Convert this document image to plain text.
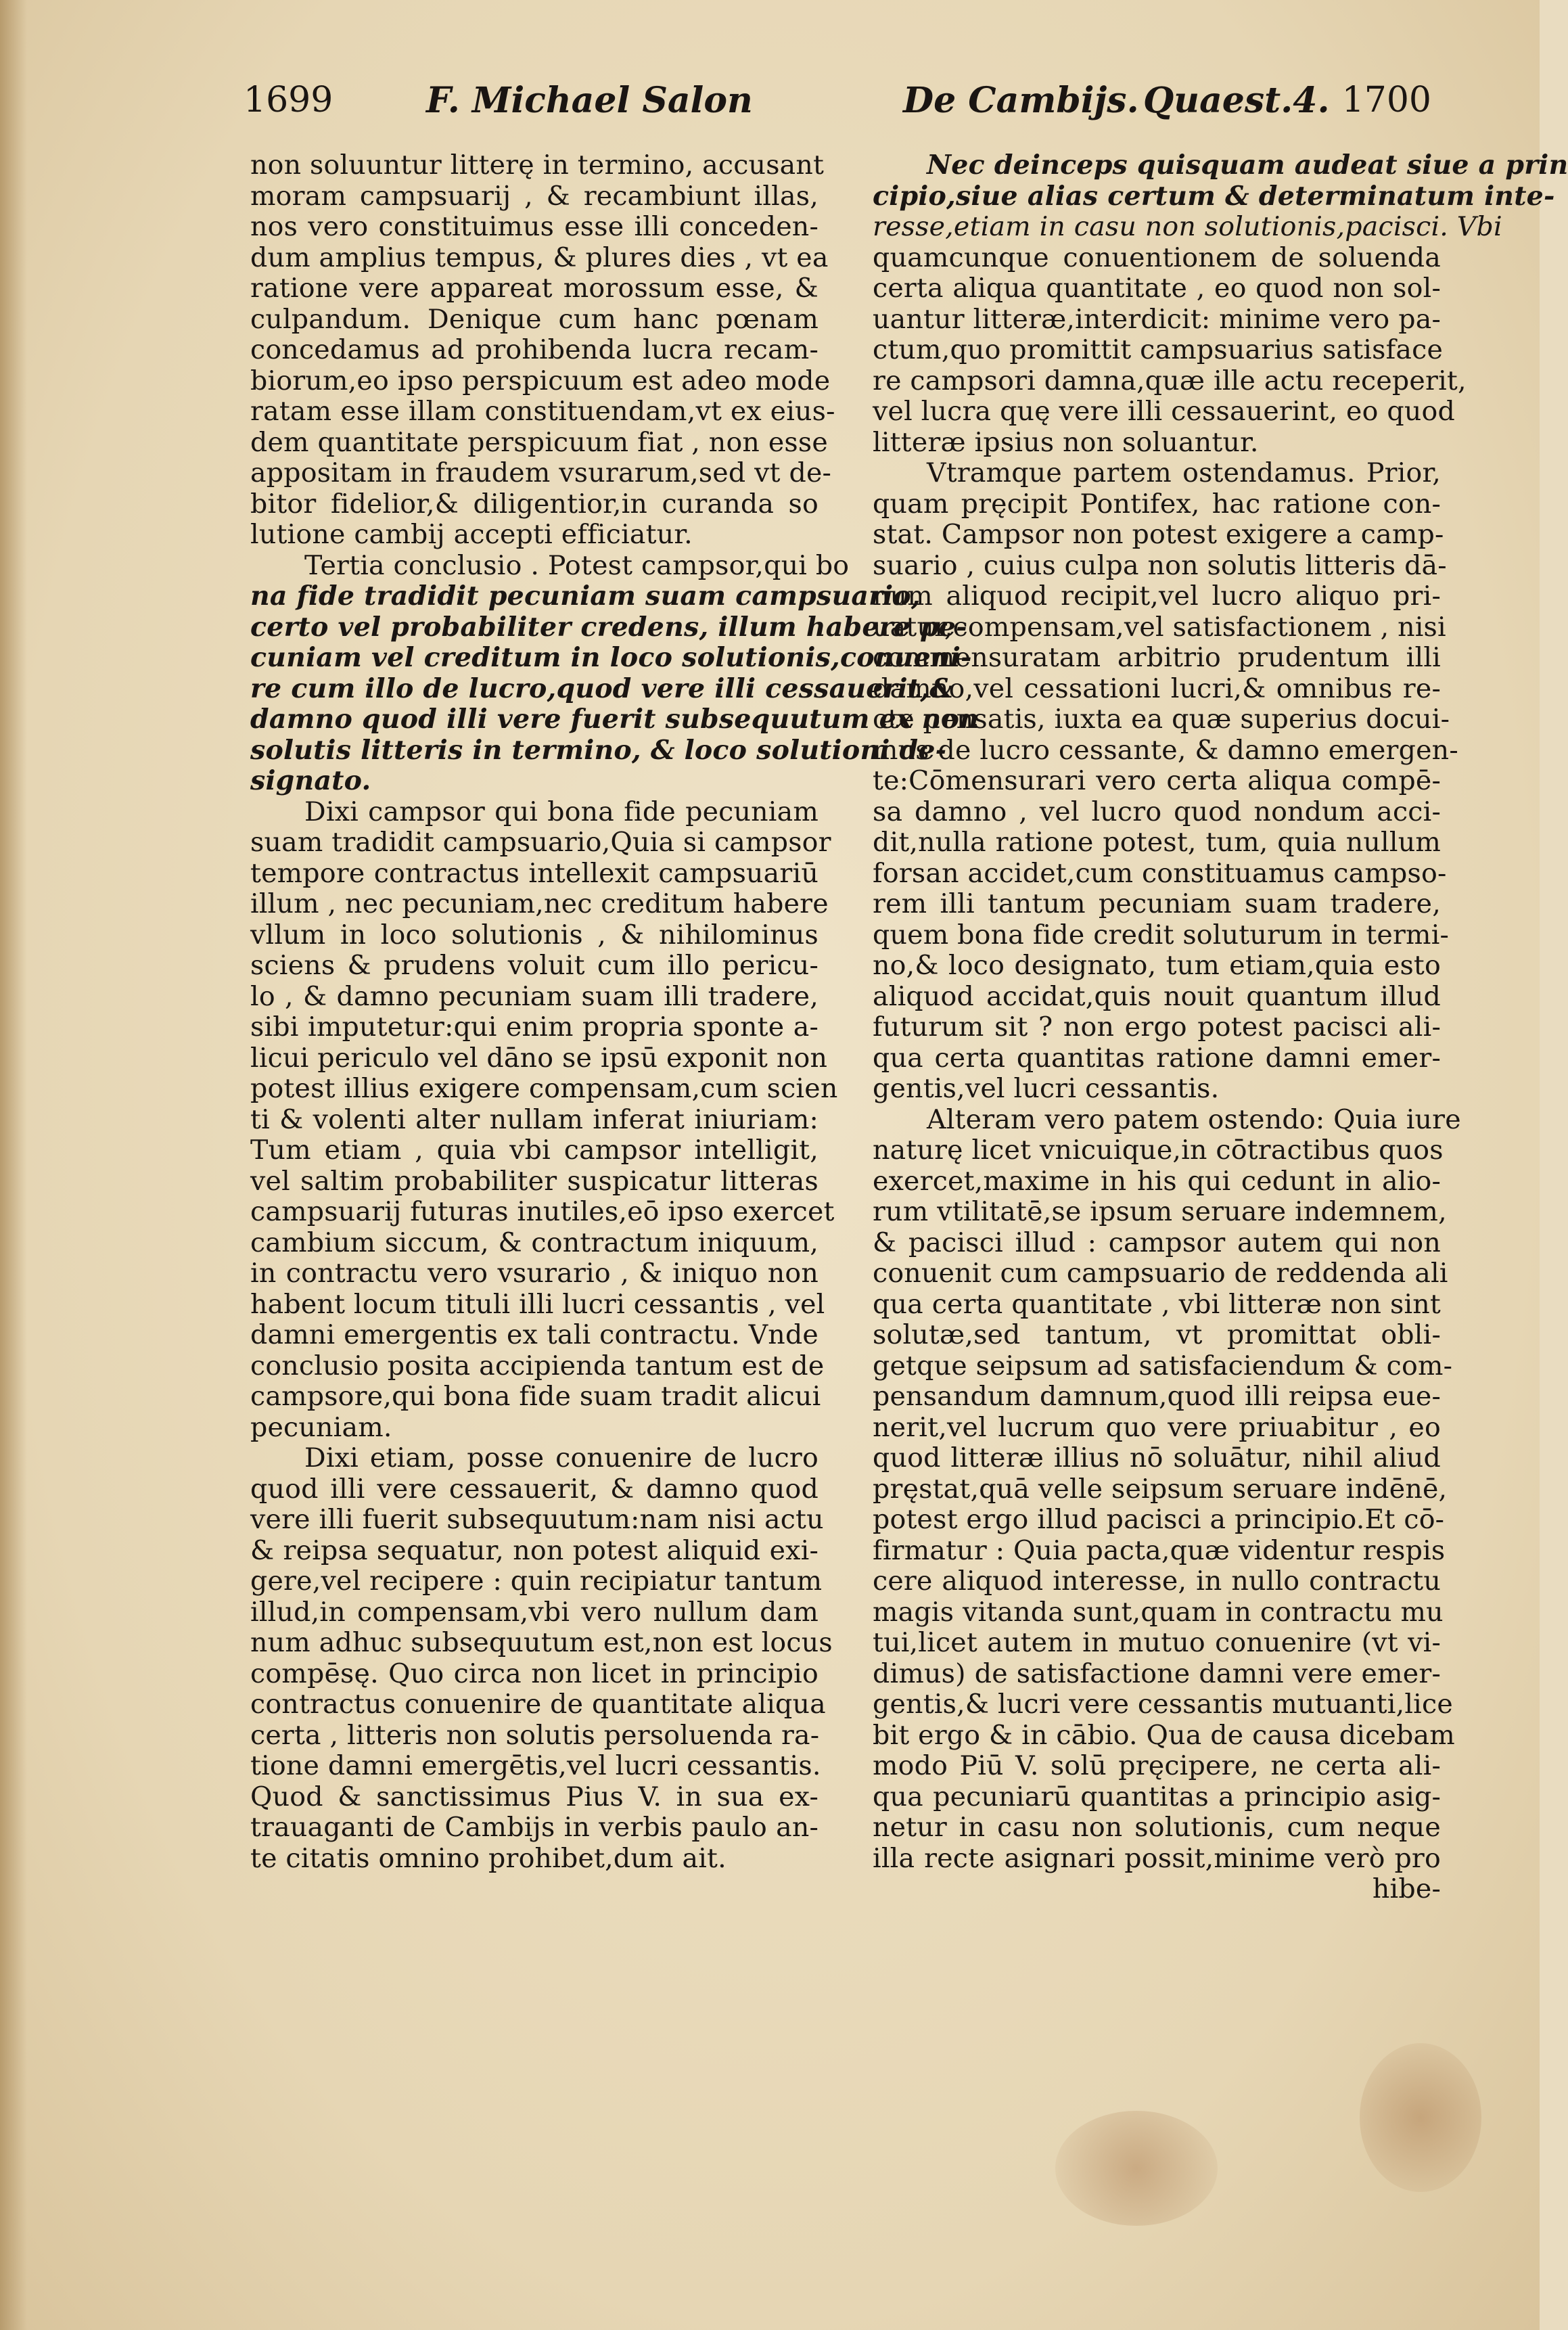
1699	F. Michael Salon	De Cambijs. Quaest.4. 1700
non soluuntur litterę in termino, accusant
moram campsuarij , & recambiunt illas,
nos vero constituimus esse illi conceden-
dum amplius tempus, & plures dies , vt ea
ratione vere appareat morossum esse, &
culpandum. Denique cum hanc pœnam
concedamus ad prohibenda lucra recam-
biorum,eo ipso perspicuum est adeo mode
ratam esse illam constituendam,vt ex eius-
dem quantitate perspicuum fiat , non esse
appositam in fraudem vsurarum,sed vt de-
bitor fidelior,& diligentior,in curanda so
lutione cambij accepti efficiatur.
Tertia conclusio . Potest campsor,qui bo
na fide tradidit pecuniam suam campsuario,
certo vel probabiliter credens, illum habere pe-
cuniam vel creditum in loco solutionis,conueni-
re cum illo de lucro,quod vere illi cessauerit,&
damno quod illi vere fuerit subsequutum ex non
solutis litteris in termino, & loco solutioni de-
signato.
Dixi campsor qui bona fide pecuniam
suam tradidit campsuario,Quia si campsor
tempore contractus intellexit campsuariū
illum , nec pecuniam,nec creditum habere
vllum in loco solutionis , & nihilominus
sciens & prudens voluit cum illo pericu-
lo , & damno pecuniam suam illi tradere,
sibi imputetur:qui enim propria sponte a-
licui periculo vel dāno se ipsū exponit non
potest illius exigere compensam,cum scien
ti & volenti alter nullam inferat iniuriam:
Tum etiam , quia vbi campsor intelligit,
vel saltim probabiliter suspicatur litteras
campsuarij futuras inutiles,eō ipso exercet
cambium siccum, & contractum iniquum,
in contractu vero vsurario , & iniquo non
habent locum tituli illi lucri cessantis , vel
damni emergentis ex tali contractu. Vnde
conclusio posita accipienda tantum est de
campsore,qui bona fide suam tradit alicui
pecuniam.
Dixi etiam, posse conuenire de lucro
quod illi vere cessauerit, & damno quod
vere illi fuerit subsequutum:nam nisi actu
& reipsa sequatur, non potest aliquid exi-
gere,vel recipere : quin recipiatur tantum
illud,in compensam,vbi vero nullum dam
num adhuc subsequutum est,non est locus
compēsę. Quo circa non licet in principio
contractus conuenire de quantitate aliqua
certa , litteris non solutis persoluenda ra-
tione damni emergētis,vel lucri cessantis.
Quod & sanctissimus Pius V. in sua ex-
trauaganti de Cambijs in verbis paulo an-
te citatis omnino prohibet,dum ait.
Nec deinceps quisquam audeat siue a prin
cipio,siue alias certum & determinatum inte-
resse,etiam in casu non solutionis,pacisci. Vbi
quamcunque conuentionem de soluenda
certa aliqua quantitate , eo quod non sol-
uantur litteræ,interdicit: minime vero pa-
ctum,quo promittit campsuarius satisface
re campsori damna,quæ ille actu receperit,
vel lucra quę vere illi cessauerint, eo quod
litteræ ipsius non soluantur.
Vtramque partem ostendamus. Prior,
quam pręcipit Pontifex, hac ratione con-
stat. Campsor non potest exigere a camp-
suario , cuius culpa non solutis litteris dā-
num aliquod recipit,vel lucro aliquo pri-
uatur,compensam,vel satisfactionem , nisi
commensuratam arbitrio prudentum illi
damno,vel cessationi lucri,& omnibus re-
cte pensatis, iuxta ea quæ superius docui-
mus de lucro cessante, & damno emergen-
te:Cōmensurari vero certa aliqua compē-
sa damno , vel lucro quod nondum acci-
dit,nulla ratione potest, tum, quia nullum
forsan accidet,cum constituamus campso-
rem illi tantum pecuniam suam tradere,
quem bona fide credit soluturum in termi-
no,& loco designato, tum etiam,quia esto
aliquod accidat,quis nouit quantum illud
futurum sit ? non ergo potest pacisci ali-
qua certa quantitas ratione damni emer-
gentis,vel lucri cessantis.
Alteram vero patem ostendo: Quia iure
naturę licet vnicuique,in cōtractibus quos
exercet,maxime in his qui cedunt in alio-
rum vtilitatē,se ipsum seruare indemnem,
& pacisci illud : campsor autem qui non
conuenit cum campsuario de reddenda ali
qua certa quantitate , vbi litteræ non sint
solutæ,sed tantum, vt promittat obli-
getque seipsum ad satisfaciendum & com-
pensandum damnum,quod illi reipsa eue-
nerit,vel lucrum quo vere priuabitur , eo
quod litteræ illius nō soluātur, nihil aliud
pręstat,quā velle seipsum seruare indēnē,
potest ergo illud pacisci a principio.Et cō-
firmatur : Quia pacta,quæ videntur respis
cere aliquod interesse, in nullo contractu
magis vitanda sunt,quam in contractu mu
tui,licet autem in mutuo conuenire (vt vi-
dimus) de satisfactione damni vere emer-
gentis,& lucri vere cessantis mutuanti,lice
bit ergo & in cābio. Qua de causa dicebam
modo Piū V. solū pręcipere, ne certa ali-
qua pecuniarū quantitas a principio asig-
netur in casu non solutionis, cum neque
illa recte asignari possit,minime verò pro
hibe-
